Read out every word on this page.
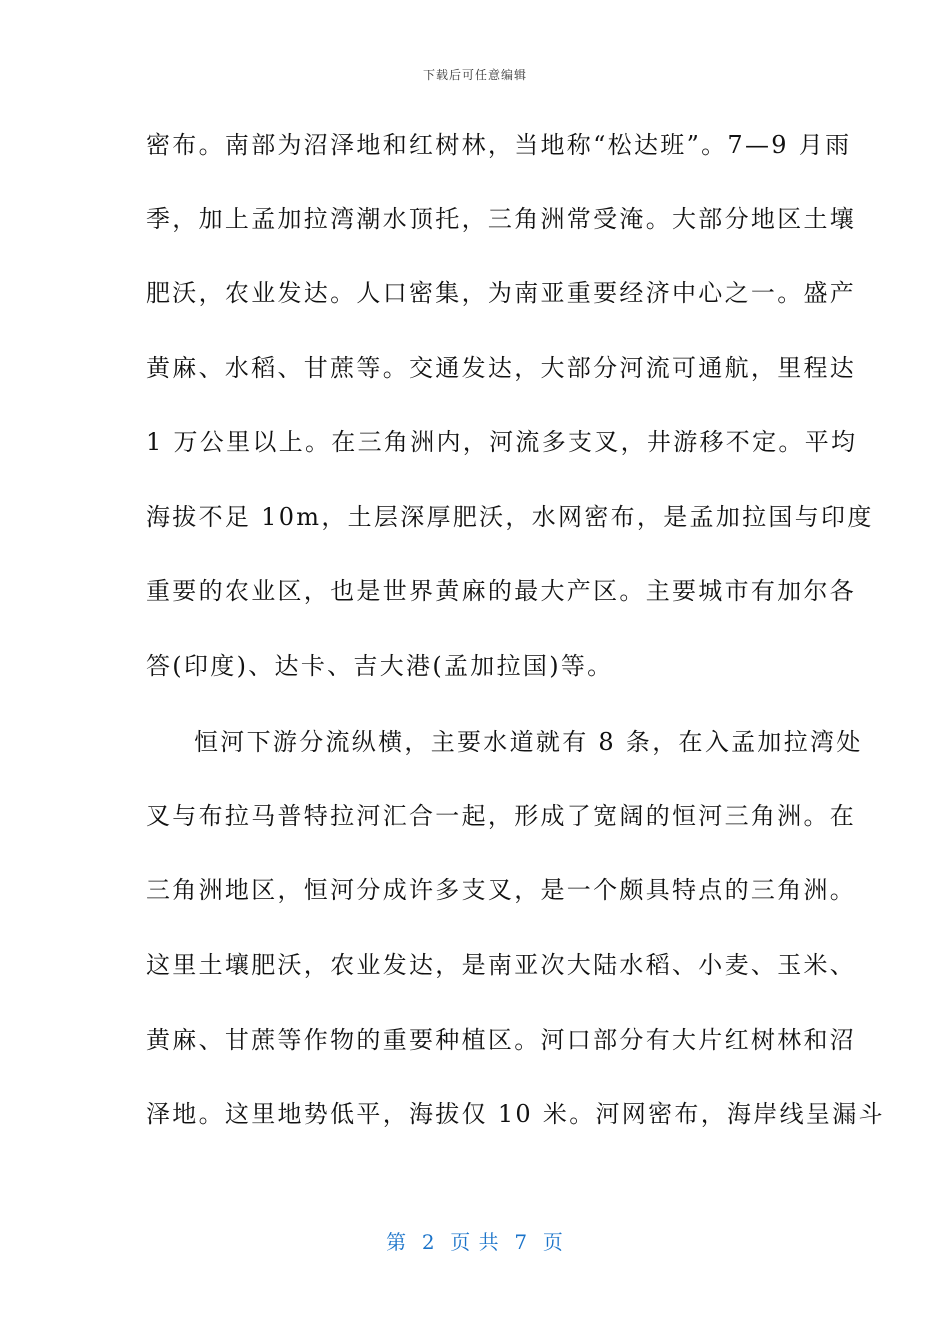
下载后可任意编辑
密布。南部为沼泽地和红树林，当地称“松达班”。7—9 月雨
季，加上孟加拉湾潮水顶托，三角洲常受淹。大部分地区土壤
肥沃，农业发达。人口密集，为南亚重要经济中心之一。盛产
黄麻、水稻、甘蔗等。交通发达，大部分河流可通航，里程达
1 万公里以上。在三角洲内，河流多支叉，井游移不定。平均
海拔不足 10m，土层深厚肥沃，水网密布，是孟加拉国与印度
重要的农业区，也是世界黄麻的最大产区。主要城市有加尔各
答(印度)、达卡、吉大港(孟加拉国)等。
恒河下游分流纵横，主要水道就有 8 条，在入孟加拉湾处
叉与布拉马普特拉河汇合一起，形成了宽阔的恒河三角洲。在
三角洲地区，恒河分成许多支叉，是一个颇具特点的三角洲。
这里土壤肥沃，农业发达，是南亚次大陆水稻、小麦、玉米、
黄麻、甘蔗等作物的重要种植区。河口部分有大片红树林和沼
泽地。这里地势低平，海拔仅 10 米。河网密布，海岸线呈漏斗
第  2  页 共  7  页
